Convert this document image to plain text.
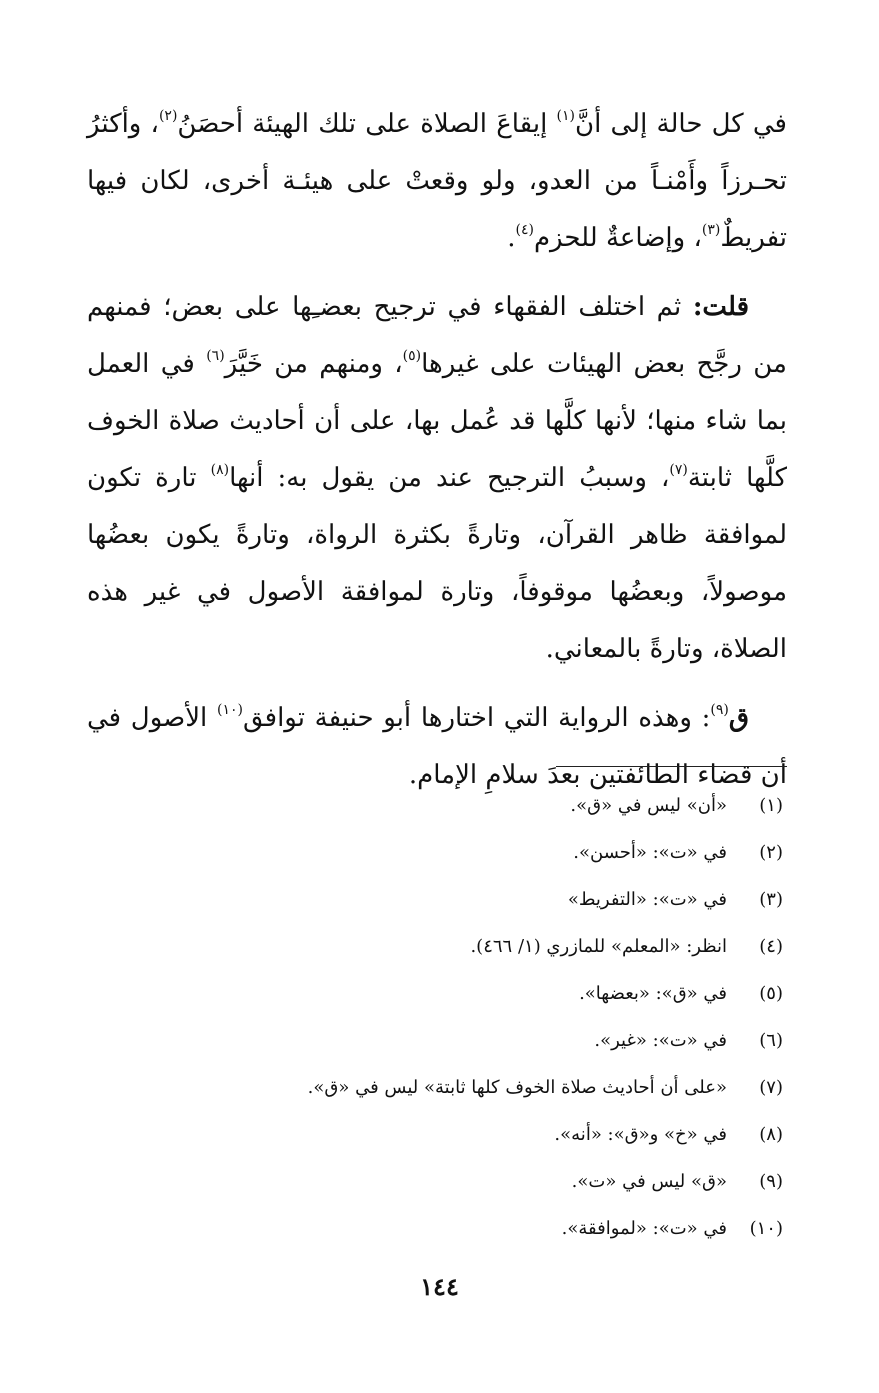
في كل حالة إلى أنَّ$^{(١)}$ إيقاعَ الصلاة على تلك الهيئة أحصَنُ$^{(٢)}$، وأكثرُ تحـرزاً وأَمْنـاً من العدو، ولو وقعتْ على هيئـة أخرى، لكان فيها تفريطٌ$^{(٣)}$، وإضاعةٌ للحزم$^{(٤)}$.

قلت: ثم اختلف الفقهاء في ترجيح بعضـِها على بعض؛ فمنهم من رجَّح بعض الهيئات على غيرها$^{(٥)}$، ومنهم من خَيَّرَ$^{(٦)}$ في العمل بما شاء منها؛ لأنها كلَّها قد عُمل بها، على أن أحاديث صلاة الخوف كلَّها ثابتة$^{(٧)}$، وسببُ الترجيح عند من يقول به: أنها$^{(٨)}$ تارة تكون لموافقة ظاهر القرآن، وتارةً بكثرة الرواة، وتارةً يكون بعضُها موصولاً، وبعضُها موقوفاً، وتارة لموافقة الأصول في غير هذه الصلاة، وتارةً بالمعاني.

ق$^{(٩)}$: وهذه الرواية التي اختارها أبو حنيفة توافق$^{(١٠)}$ الأصول في أن قضاء الطائفتين بعدَ سلامِ الإمام.

(١)
«أن» ليس في «ق».
(٢)
في «ت»: «أحسن».
(٣)
في «ت»: «التفريط»
(٤)
انظر: «المعلم» للمازري (١/ ٤٦٦).
(٥)
في «ق»: «بعضها».
(٦)
في «ت»: «غير».
(٧)
«على أن أحاديث صلاة الخوف كلها ثابتة» ليس في «ق».
(٨)
في «خ» و«ق»: «أنه».
(٩)
«ق» ليس في «ت».
(١٠)
في «ت»: «لموافقة».
١٤٤
